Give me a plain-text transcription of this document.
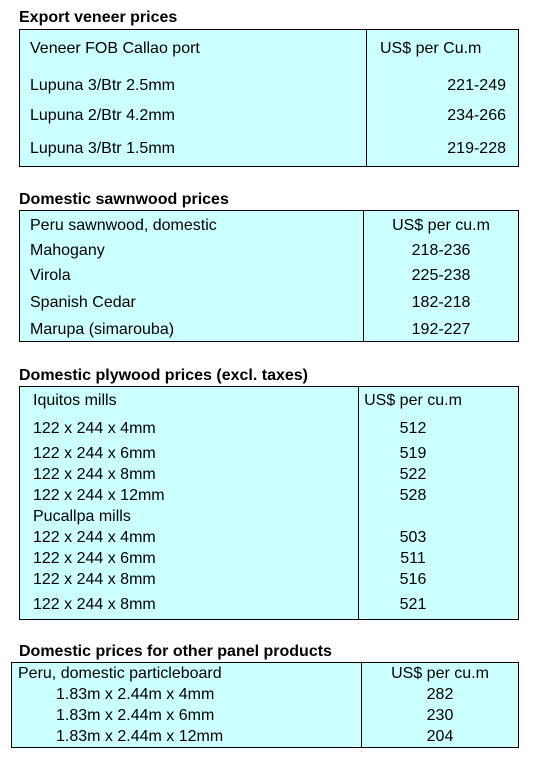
Export veneer prices
Veneer FOB Callao port	US$ per Cu.m
Lupuna 3/Btr 2.5mm	221-249
Lupuna 2/Btr 4.2mm	234-266
Lupuna 3/Btr 1.5mm	219-228
Domestic sawnwood prices
Peru sawnwood, domestic	US$ per cu.m
Mahogany	218-236
Virola	225-238
Spanish Cedar	182-218
Marupa (simarouba)	192-227
Domestic plywood prices (excl. taxes)
Iquitos mills	US$ per cu.m
122 x 244 x 4mm	512
122 x 244 x 6mm	519
122 x 244 x 8mm	522
122 x 244 x 12mm	528
Pucallpa mills
122 x 244 x 4mm	503
122 x 244 x 6mm	511
122 x 244 x 8mm	516
122 x 244 x 8mm	521
Domestic prices for other panel products
Peru, domestic particleboard	US$ per cu.m
1.83m x 2.44m x 4mm	282
1.83m x 2.44m x 6mm	230
1.83m x 2.44m x 12mm	204
